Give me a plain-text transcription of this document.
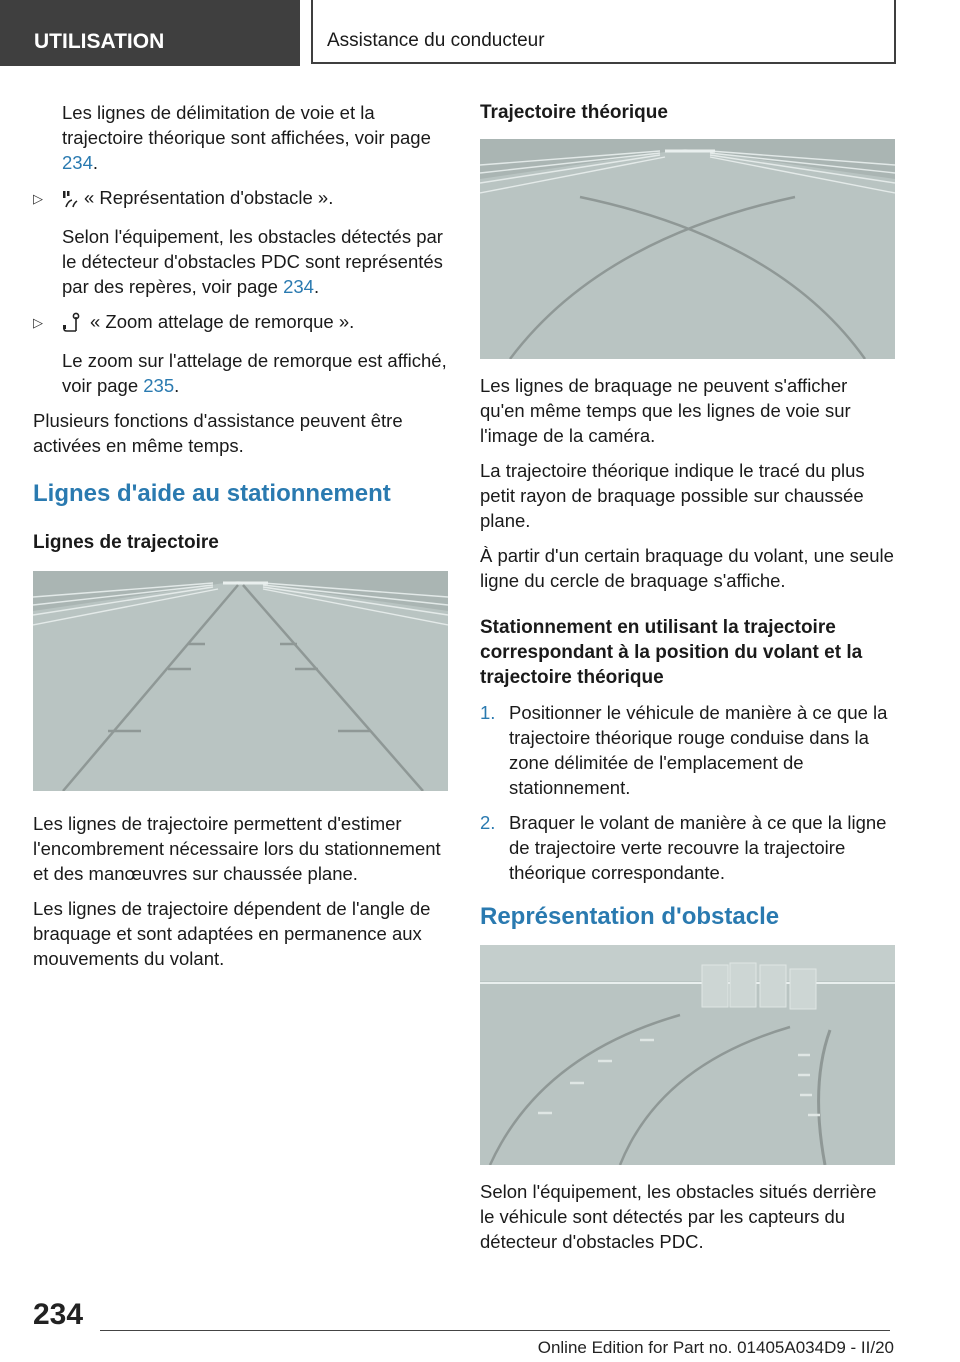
UTILISATION	Assistance du conducteur

Les lignes de délimitation de voie et la trajectoire théorique sont affichées, voir page 234.

▷ « Représentation d'obstacle ».

Selon l'équipement, les obstacles détectés par le détecteur d'obstacles PDC sont représentés par des repères, voir page 234.

▷	« Zoom attelage de remorque ».

Le zoom sur l'attelage de remorque est affiché, voir page 235.

Plusieurs fonctions d'assistance peuvent être activées en même temps.

Lignes d'aide au stationnement
Lignes de trajectoire

Les lignes de trajectoire permettent d'estimer l'encombrement nécessaire lors du stationnement et des manœuvres sur chaussée plane.

Les lignes de trajectoire dépendent de l'angle de braquage et sont adaptées en permanence aux mouvements du volant.

Trajectoire théorique

Les lignes de braquage ne peuvent s'afficher qu'en même temps que les lignes de voie sur l'image de la caméra.

La trajectoire théorique indique le tracé du plus petit rayon de braquage possible sur chaussée plane.

À partir d'un certain braquage du volant, une seule ligne du cercle de braquage s'affiche.

Stationnement en utilisant la trajectoire correspondant à la position du volant et la trajectoire théorique
1. Positionner le véhicule de manière à ce que la trajectoire théorique rouge conduise dans la zone délimitée de l'emplacement de stationnement.
2. Braquer le volant de manière à ce que la ligne de trajectoire verte recouvre la trajectoire théorique correspondante.
Représentation d'obstacle

Selon l'équipement, les obstacles situés derrière le véhicule sont détectés par les capteurs du détecteur d'obstacles PDC.

234
Online Edition for Part no. 01405A034D9 - II/20
